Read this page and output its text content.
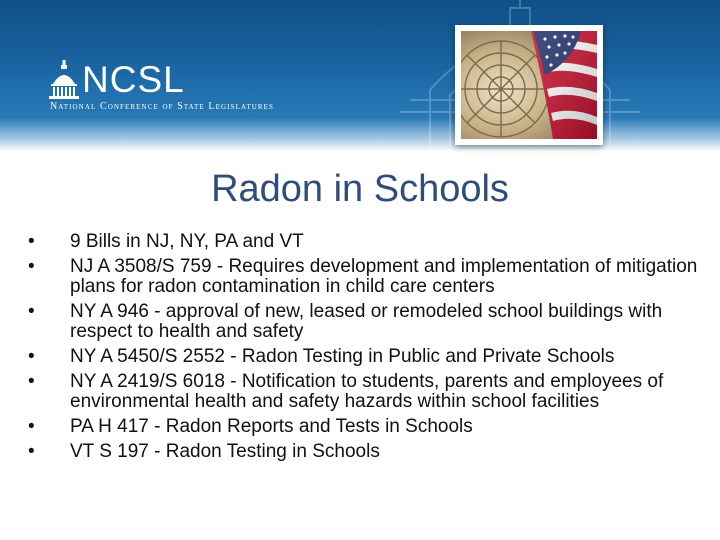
NCSL
National Conference of State Legislatures
Radon in Schools
•	9 Bills in NJ, NY, PA and VT
•	NJ A 3508/S 759 - Requires development and implementation of mitigation plans for radon contamination in child care centers
•	NY A 946 - approval of new, leased or remodeled school buildings with respect to health and safety
•	NY A 5450/S 2552 - Radon Testing in Public and Private Schools
•	NY A 2419/S 6018 - Notification to students, parents and employees of environmental health and safety hazards within school facilities
•	PA H 417 - Radon Reports and Tests in Schools
•	VT S 197 - Radon Testing in Schools
